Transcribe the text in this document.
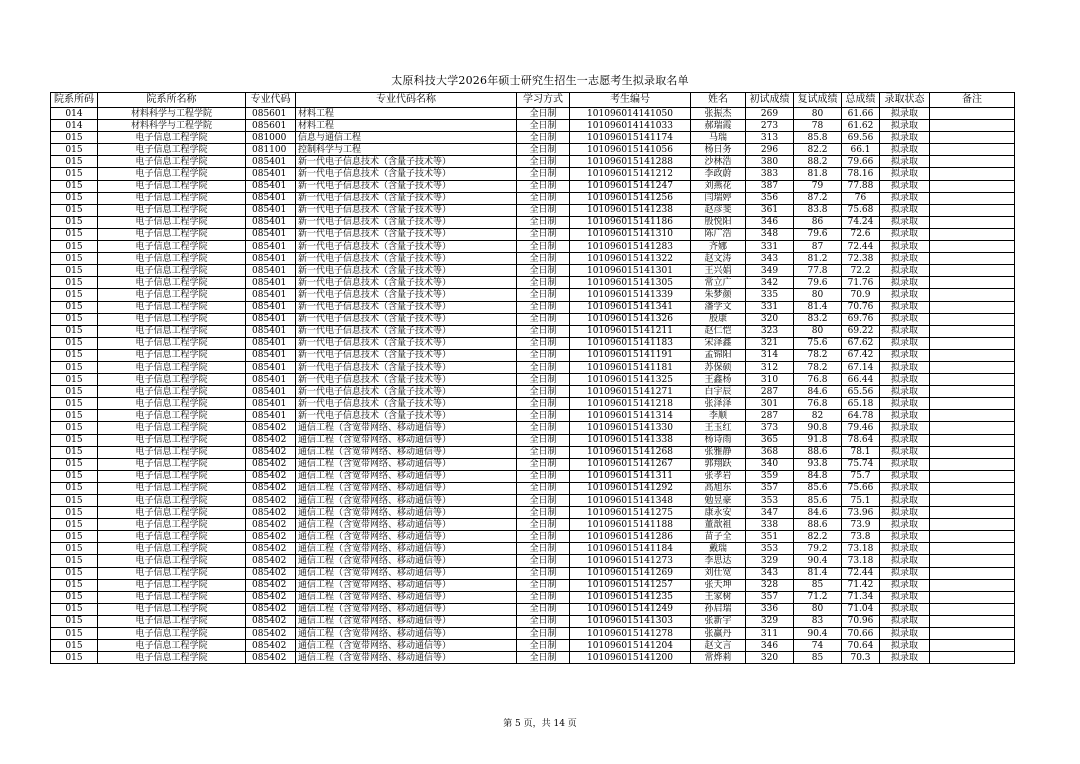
太原科技大学2026年硕士研究生招生一志愿考生拟录取名单
院系所码	院系所名称	专业代码	专业代码名称	学习方式	考生编号	姓名	初试成绩	复试成绩	总成绩	录取状态	备注
014	材料科学与工程学院	085601	材料工程	全日制	101096014141050	张振杰	269	80	61.66	拟录取	
014	材料科学与工程学院	085601	材料工程	全日制	101096014141033	郝瑞霞	273	78	61.62	拟录取	
015	电子信息工程学院	081000	信息与通信工程	全日制	101096015141174	马瑞	313	85.8	69.56	拟录取	
015	电子信息工程学院	081100	控制科学与工程	全日制	101096015141056	杨日务	296	82.2	66.1	拟录取	
015	电子信息工程学院	085401	新一代电子信息技术（含量子技术等）	全日制	101096015141288	沙林浩	380	88.2	79.66	拟录取	
015	电子信息工程学院	085401	新一代电子信息技术（含量子技术等）	全日制	101096015141212	李政蔚	383	81.8	78.16	拟录取	
015	电子信息工程学院	085401	新一代电子信息技术（含量子技术等）	全日制	101096015141247	刘燕花	387	79	77.88	拟录取	
015	电子信息工程学院	085401	新一代电子信息技术（含量子技术等）	全日制	101096015141256	闫瑞婷	356	87.2	76	拟录取	
015	电子信息工程学院	085401	新一代电子信息技术（含量子技术等）	全日制	101096015141238	赵彦斐	361	83.8	75.68	拟录取	
015	电子信息工程学院	085401	新一代电子信息技术（含量子技术等）	全日制	101096015141186	殷悦阳	346	86	74.24	拟录取	
015	电子信息工程学院	085401	新一代电子信息技术（含量子技术等）	全日制	101096015141310	陈广浩	348	79.6	72.6	拟录取	
015	电子信息工程学院	085401	新一代电子信息技术（含量子技术等）	全日制	101096015141283	齐娜	331	87	72.44	拟录取	
015	电子信息工程学院	085401	新一代电子信息技术（含量子技术等）	全日制	101096015141322	赵文涛	343	81.2	72.38	拟录取	
015	电子信息工程学院	085401	新一代电子信息技术（含量子技术等）	全日制	101096015141301	王兴娟	349	77.8	72.2	拟录取	
015	电子信息工程学院	085401	新一代电子信息技术（含量子技术等）	全日制	101096015141305	常立广	342	79.6	71.76	拟录取	
015	电子信息工程学院	085401	新一代电子信息技术（含量子技术等）	全日制	101096015141339	朱梦颜	335	80	70.9	拟录取	
015	电子信息工程学院	085401	新一代电子信息技术（含量子技术等）	全日制	101096015141341	潘学文	331	81.4	70.76	拟录取	
015	电子信息工程学院	085401	新一代电子信息技术（含量子技术等）	全日制	101096015141326	殷康	320	83.2	69.76	拟录取	
015	电子信息工程学院	085401	新一代电子信息技术（含量子技术等）	全日制	101096015141211	赵仁恺	323	80	69.22	拟录取	
015	电子信息工程学院	085401	新一代电子信息技术（含量子技术等）	全日制	101096015141183	宋泽鑫	321	75.6	67.62	拟录取	
015	电子信息工程学院	085401	新一代电子信息技术（含量子技术等）	全日制	101096015141191	孟锦阳	314	78.2	67.42	拟录取	
015	电子信息工程学院	085401	新一代电子信息技术（含量子技术等）	全日制	101096015141181	苏保硕	312	78.2	67.14	拟录取	
015	电子信息工程学院	085401	新一代电子信息技术（含量子技术等）	全日制	101096015141325	王鑫杨	310	76.8	66.44	拟录取	
015	电子信息工程学院	085401	新一代电子信息技术（含量子技术等）	全日制	101096015141271	白宇辰	287	84.6	65.56	拟录取	
015	电子信息工程学院	085401	新一代电子信息技术（含量子技术等）	全日制	101096015141218	张泽泽	301	76.8	65.18	拟录取	
015	电子信息工程学院	085401	新一代电子信息技术（含量子技术等）	全日制	101096015141314	李顺	287	82	64.78	拟录取	
015	电子信息工程学院	085402	通信工程（含宽带网络、移动通信等）	全日制	101096015141330	王玉红	373	90.8	79.46	拟录取	
015	电子信息工程学院	085402	通信工程（含宽带网络、移动通信等）	全日制	101096015141338	杨诗雨	365	91.8	78.64	拟录取	
015	电子信息工程学院	085402	通信工程（含宽带网络、移动通信等）	全日制	101096015141268	张雅静	368	88.6	78.1	拟录取	
015	电子信息工程学院	085402	通信工程（含宽带网络、移动通信等）	全日制	101096015141267	郭翔跃	340	93.8	75.74	拟录取	
015	电子信息工程学院	085402	通信工程（含宽带网络、移动通信等）	全日制	101096015141311	张孝岩	359	84.8	75.7	拟录取	
015	电子信息工程学院	085402	通信工程（含宽带网络、移动通信等）	全日制	101096015141292	高旭东	357	85.6	75.66	拟录取	
015	电子信息工程学院	085402	通信工程（含宽带网络、移动通信等）	全日制	101096015141348	勉昱豪	353	85.6	75.1	拟录取	
015	电子信息工程学院	085402	通信工程（含宽带网络、移动通信等）	全日制	101096015141275	康永安	347	84.6	73.96	拟录取	
015	电子信息工程学院	085402	通信工程（含宽带网络、移动通信等）	全日制	101096015141188	董歆祖	338	88.6	73.9	拟录取	
015	电子信息工程学院	085402	通信工程（含宽带网络、移动通信等）	全日制	101096015141286	苗子全	351	82.2	73.8	拟录取	
015	电子信息工程学院	085402	通信工程（含宽带网络、移动通信等）	全日制	101096015141184	戴瑞	353	79.2	73.18	拟录取	
015	电子信息工程学院	085402	通信工程（含宽带网络、移动通信等）	全日制	101096015141273	李思达	329	90.4	73.18	拟录取	
015	电子信息工程学院	085402	通信工程（含宽带网络、移动通信等）	全日制	101096015141269	刘仕宽	343	81.4	72.44	拟录取	
015	电子信息工程学院	085402	通信工程（含宽带网络、移动通信等）	全日制	101096015141257	张天坤	328	85	71.42	拟录取	
015	电子信息工程学院	085402	通信工程（含宽带网络、移动通信等）	全日制	101096015141235	王家树	357	71.2	71.34	拟录取	
015	电子信息工程学院	085402	通信工程（含宽带网络、移动通信等）	全日制	101096015141249	孙启瑞	336	80	71.04	拟录取	
015	电子信息工程学院	085402	通信工程（含宽带网络、移动通信等）	全日制	101096015141303	张新宇	329	83	70.96	拟录取	
015	电子信息工程学院	085402	通信工程（含宽带网络、移动通信等）	全日制	101096015141278	张赢丹	311	90.4	70.66	拟录取	
015	电子信息工程学院	085402	通信工程（含宽带网络、移动通信等）	全日制	101096015141204	赵文言	346	74	70.64	拟录取	
015	电子信息工程学院	085402	通信工程（含宽带网络、移动通信等）	全日制	101096015141200	常烨莉	320	85	70.3	拟录取	
第 5 页，共 14 页
